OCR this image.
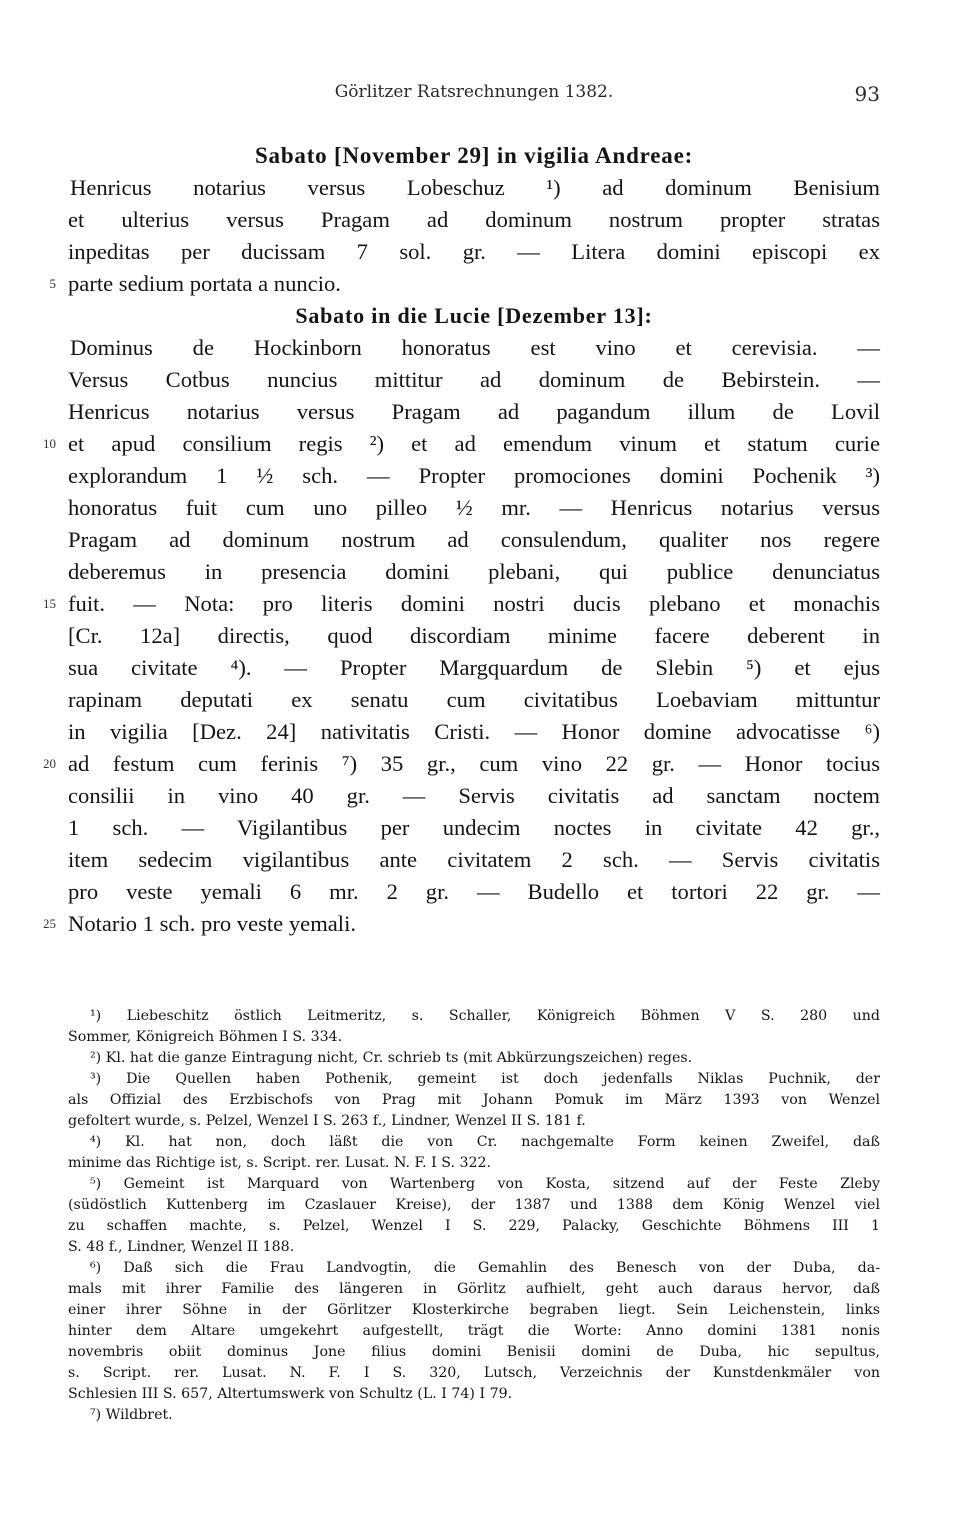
Görlitzer Ratsrechnungen 1382.	93
Sabato [November 29] in vigilia Andreae:
Henricus notarius versus Lobeschuz ¹) ad dominum Benisium
et ulterius versus Pragam ad dominum nostrum propter stratas
inpeditas per ducissam 7 sol. gr. — Litera domini episcopi ex
5 parte sedium portata a nuncio.
Sabato in die Lucie [Dezember 13]:
Dominus de Hockinborn honoratus est vino et cerevisia. —
Versus Cotbus nuncius mittitur ad dominum de Bebirstein. —
Henricus notarius versus Pragam ad pagandum illum de Lovil
10 et apud consilium regis ²) et ad emendum vinum et statum curie
explorandum 1 ½ sch. — Propter promociones domini Pochenik ³)
honoratus fuit cum uno pilleo ½ mr. — Henricus notarius versus
Pragam ad dominum nostrum ad consulendum, qualiter nos regere
deberemus in presencia domini plebani, qui publice denunciatus
15 fuit. — Nota: pro literis domini nostri ducis plebano et monachis
[Cr. 12a] directis, quod discordiam minime facere deberent in
sua civitate ⁴). — Propter Margquardum de Slebin ⁵) et ejus
rapinam deputati ex senatu cum civitatibus Loebaviam mittuntur
in vigilia [Dez. 24] nativitatis Cristi. — Honor domine advocatisse ⁶)
20 ad festum cum ferinis ⁷) 35 gr., cum vino 22 gr. — Honor tocius
consilii in vino 40 gr. — Servis civitatis ad sanctam noctem
1 sch. — Vigilantibus per undecim noctes in civitate 42 gr.,
item sedecim vigilantibus ante civitatem 2 sch. — Servis civitatis
pro veste yemali 6 mr. 2 gr. — Budello et tortori 22 gr. —
25 Notario 1 sch. pro veste yemali.
¹) Liebeschitz östlich Leitmeritz, s. Schaller, Königreich Böhmen V S. 280 und
Sommer, Königreich Böhmen I S. 334.
²) Kl. hat die ganze Eintragung nicht, Cr. schrieb ts (mit Abkürzungszeichen) reges.
³) Die Quellen haben Pothenik, gemeint ist doch jedenfalls Niklas Puchnik, der
als Offizial des Erzbischofs von Prag mit Johann Pomuk im März 1393 von Wenzel
gefoltert wurde, s. Pelzel, Wenzel I S. 263 f., Lindner, Wenzel II S. 181 f.
⁴) Kl. hat non, doch läßt die von Cr. nachgemalte Form keinen Zweifel, daß
minime das Richtige ist, s. Script. rer. Lusat. N. F. I S. 322.
⁵) Gemeint ist Marquard von Wartenberg von Kosta, sitzend auf der Feste Zleby
(südöstlich Kuttenberg im Czaslauer Kreise), der 1387 und 1388 dem König Wenzel viel
zu schaffen machte, s. Pelzel, Wenzel I S. 229, Palacky, Geschichte Böhmens III 1
S. 48 f., Lindner, Wenzel II 188.
⁶) Daß sich die Frau Landvogtin, die Gemahlin des Benesch von der Duba, da-
mals mit ihrer Familie des längeren in Görlitz aufhielt, geht auch daraus hervor, daß
einer ihrer Söhne in der Görlitzer Klosterkirche begraben liegt. Sein Leichenstein, links
hinter dem Altare umgekehrt aufgestellt, trägt die Worte: Anno domini 1381 nonis
novembris obiit dominus Jone filius domini Benisii domini de Duba, hic sepultus,
s. Script. rer. Lusat. N. F. I S. 320, Lutsch, Verzeichnis der Kunstdenkmäler von
Schlesien III S. 657, Altertumswerk von Schultz (L. I 74) I 79.
⁷) Wildbret.
